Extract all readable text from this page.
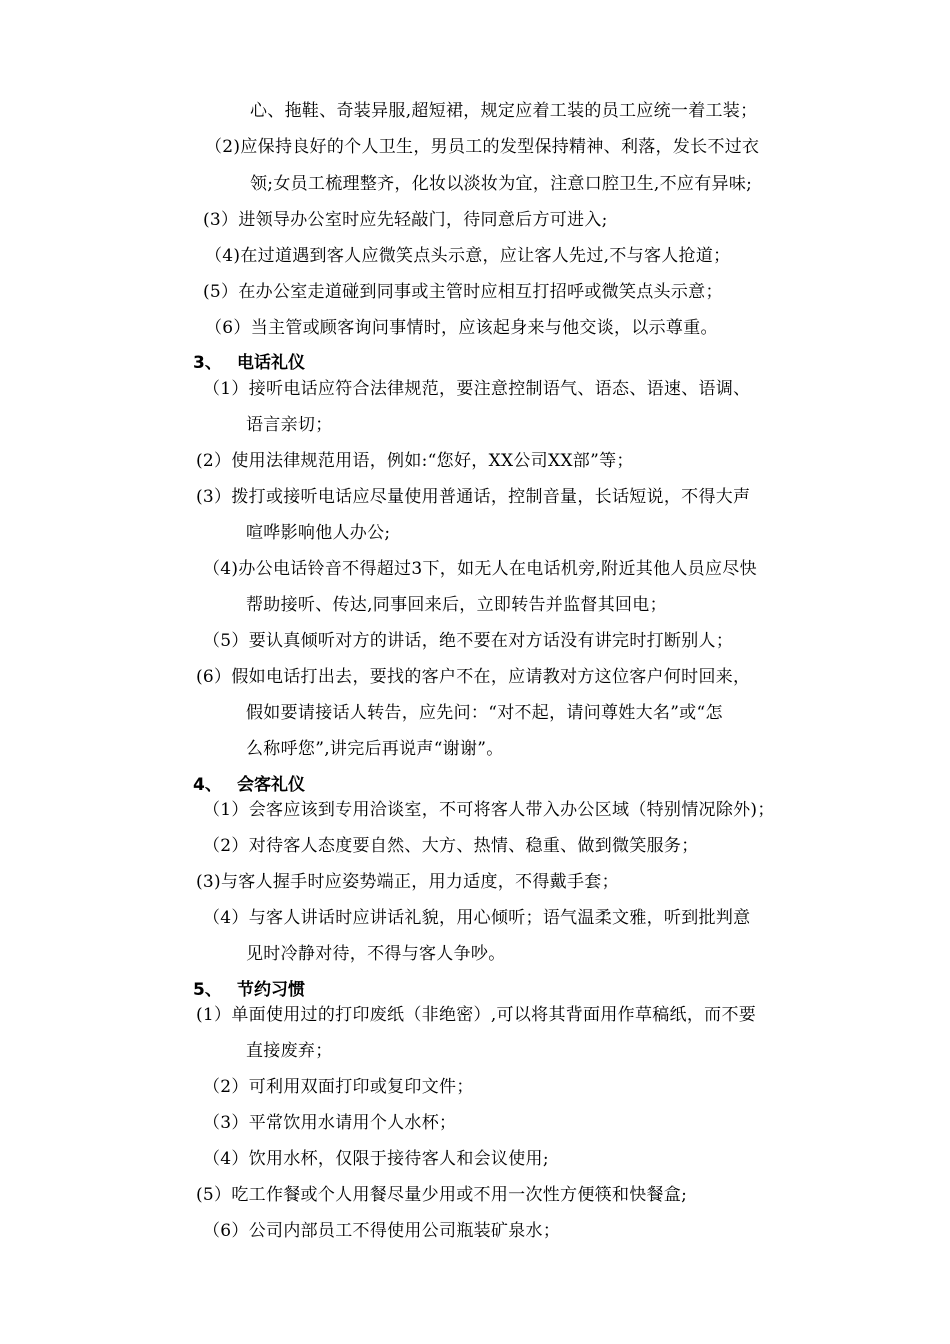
心、拖鞋、奇装异服,超短裙，规定应着工装的员工应统一着工装；
（2)应保持良好的个人卫生，男员工的发型保持精神、利落，发长不过衣
领;女员工梳理整齐，化妆以淡妆为宜，注意口腔卫生,不应有异味;
(3）进领导办公室时应先轻敲门，待同意后方可进入;
（4)在过道遇到客人应微笑点头示意，应让客人先过,不与客人抢道；
(5）在办公室走道碰到同事或主管时应相互打招呼或微笑点头示意；
（6）当主管或顾客询问事情时，应该起身来与他交谈，以示尊重。
3、 电话礼仪
（1）接听电话应符合法律规范，要注意控制语气、语态、语速、语调、
语言亲切；
(2）使用法律规范用语，例如:“您好，XX公司XX部”等；
(3）拨打或接听电话应尽量使用普通话，控制音量，长话短说，不得大声
喧哗影响他人办公;
（4)办公电话铃音不得超过3下，如无人在电话机旁,附近其他人员应尽快
帮助接听、传达,同事回来后，立即转告并监督其回电；
（5）要认真倾听对方的讲话，绝不要在对方话没有讲完时打断别人；
(6）假如电话打出去，要找的客户不在，应请教对方这位客户何时回来，
假如要请接话人转告，应先问：“对不起，请问尊姓大名”或“怎
么称呼您”,讲完后再说声“谢谢”。
4、 会客礼仪
（1）会客应该到专用洽谈室，不可将客人带入办公区域（特别情况除外)；
（2）对待客人态度要自然、大方、热情、稳重、做到微笑服务；
(3)与客人握手时应姿势端正，用力适度，不得戴手套；
（4）与客人讲话时应讲话礼貌，用心倾听；语气温柔文雅，听到批判意
见时冷静对待，不得与客人争吵。
5、 节约习惯
(1）单面使用过的打印废纸（非绝密）,可以将其背面用作草稿纸，而不要
直接废弃；
（2）可利用双面打印或复印文件；
（3）平常饮用水请用个人水杯；
（4）饮用水杯，仅限于接待客人和会议使用;
(5）吃工作餐或个人用餐尽量少用或不用一次性方便筷和快餐盒;
（6）公司内部员工不得使用公司瓶装矿泉水；
